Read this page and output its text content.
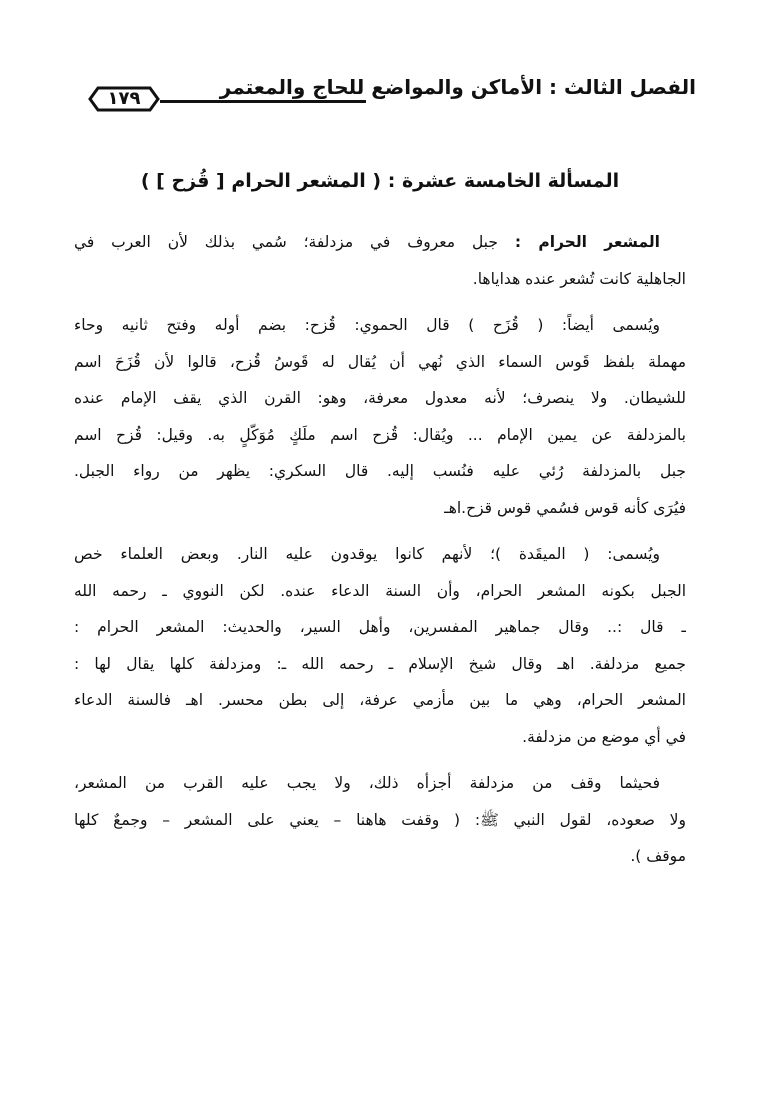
الفصل الثالث : الأماكن والمواضع للحاج والمعتمر
١٧٩
المسألة الخامسة عشرة : ( المشعر الحرام [ قُزح ] )
المشعر الحرام : جبل معروف في مزدلفة؛ سُمي بذلك لأن العرب في
الجاهلية كانت تُشعر عنده هداياها.
ويُسمى أيضاً: ( قُزَح ) قال الحموي: قُزح: بضم أوله وفتح ثانيه وحاء
مهملة بلفظ قَوس السماء الذي نُهي أن يُقال له قَوسُ قُزح، قالوا لأن قُزَحَ اسم
للشيطان. ولا ينصرف؛ لأنه معدول معرفة، وهو: القرن الذي يقف الإمام عنده
بالمزدلفة عن يمين الإمام ... ويُقال: قُزح اسم ملَكٍ مُوَكّلٍ به. وقيل: قُزح اسم
جبل بالمزدلفة رُئي عليه فنُسب إليه. قال السكري: يظهر من رواء الجبل.
فيُرَى كأنه قوس فسُمي قوس قزح.اهـ
ويُسمى: ( الميقَدة )؛ لأنهم كانوا يوقدون عليه النار. وبعض العلماء خص
الجبل بكونه المشعر الحرام، وأن السنة الدعاء عنده. لكن النووي ـ رحمه الله
ـ قال :.. وقال جماهير المفسرين، وأهل السير، والحديث: المشعر الحرام :
جميع مزدلفة. اهـ وقال شيخ الإسلام ـ رحمه الله ـ: ومزدلفة كلها يقال لها :
المشعر الحرام، وهي ما بين مأزمي عرفة، إلى بطن محسر. اهـ فالسنة الدعاء
في أي موضع من مزدلفة.
فحيثما وقف من مزدلفة أجزأه ذلك، ولا يجب عليه القرب من المشعر،
ولا صعوده، لقول النبي ﷺ: ( وقفت هاهنا – يعني على المشعر – وجمعٌ كلها
موقف ).
